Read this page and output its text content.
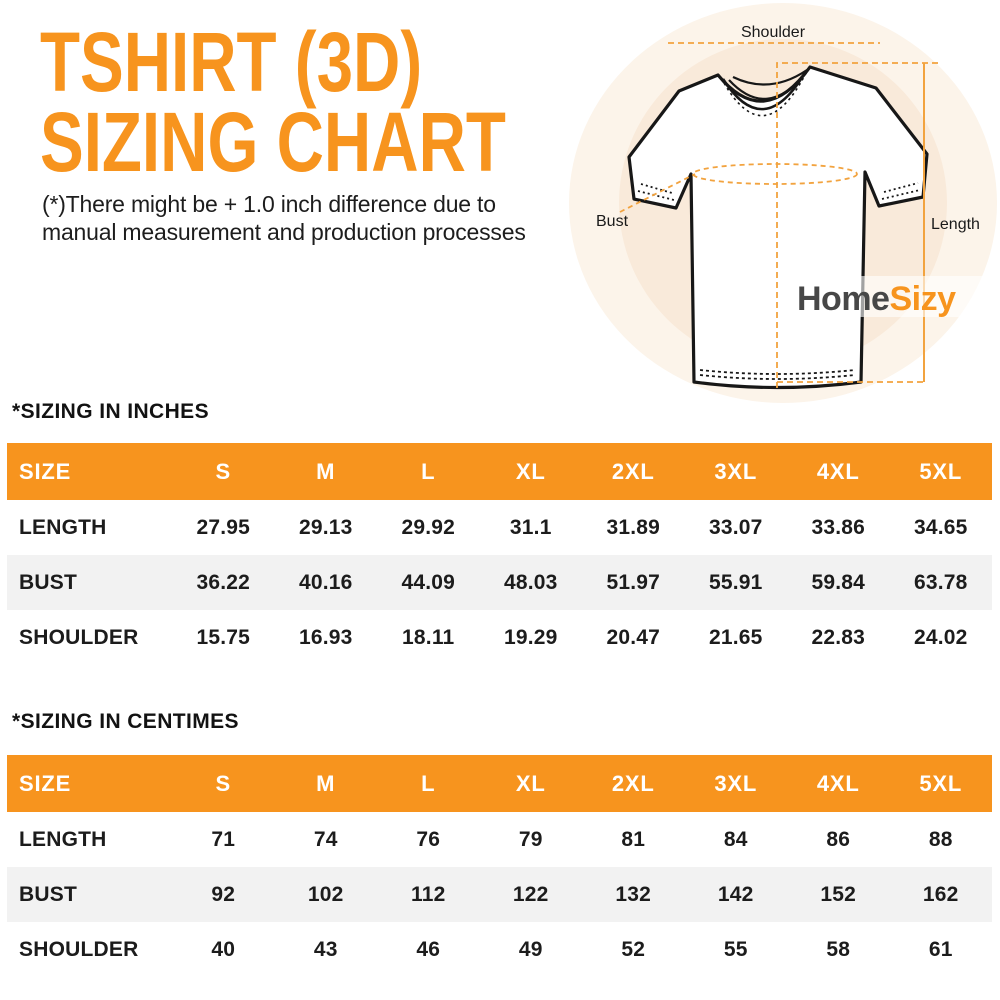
Shoulder
Bust	Length
HomeSizy
TSHIRT (3D)
SIZING CHART
(*)There might be + 1.0 inch difference due to
manual measurement and production processes
*SIZING IN INCHES
SIZE	S	M	L	XL	2XL	3XL	4XL	5XL
LENGTH	27.95	29.13	29.92	31.1	31.89	33.07	33.86	34.65
BUST	36.22	40.16	44.09	48.03	51.97	55.91	59.84	63.78
SHOULDER	15.75	16.93	18.11	19.29	20.47	21.65	22.83	24.02
*SIZING IN CENTIMES
SIZE	S	M	L	XL	2XL	3XL	4XL	5XL
LENGTH	71	74	76	79	81	84	86	88
BUST	92	102	112	122	132	142	152	162
SHOULDER	40	43	46	49	52	55	58	61
